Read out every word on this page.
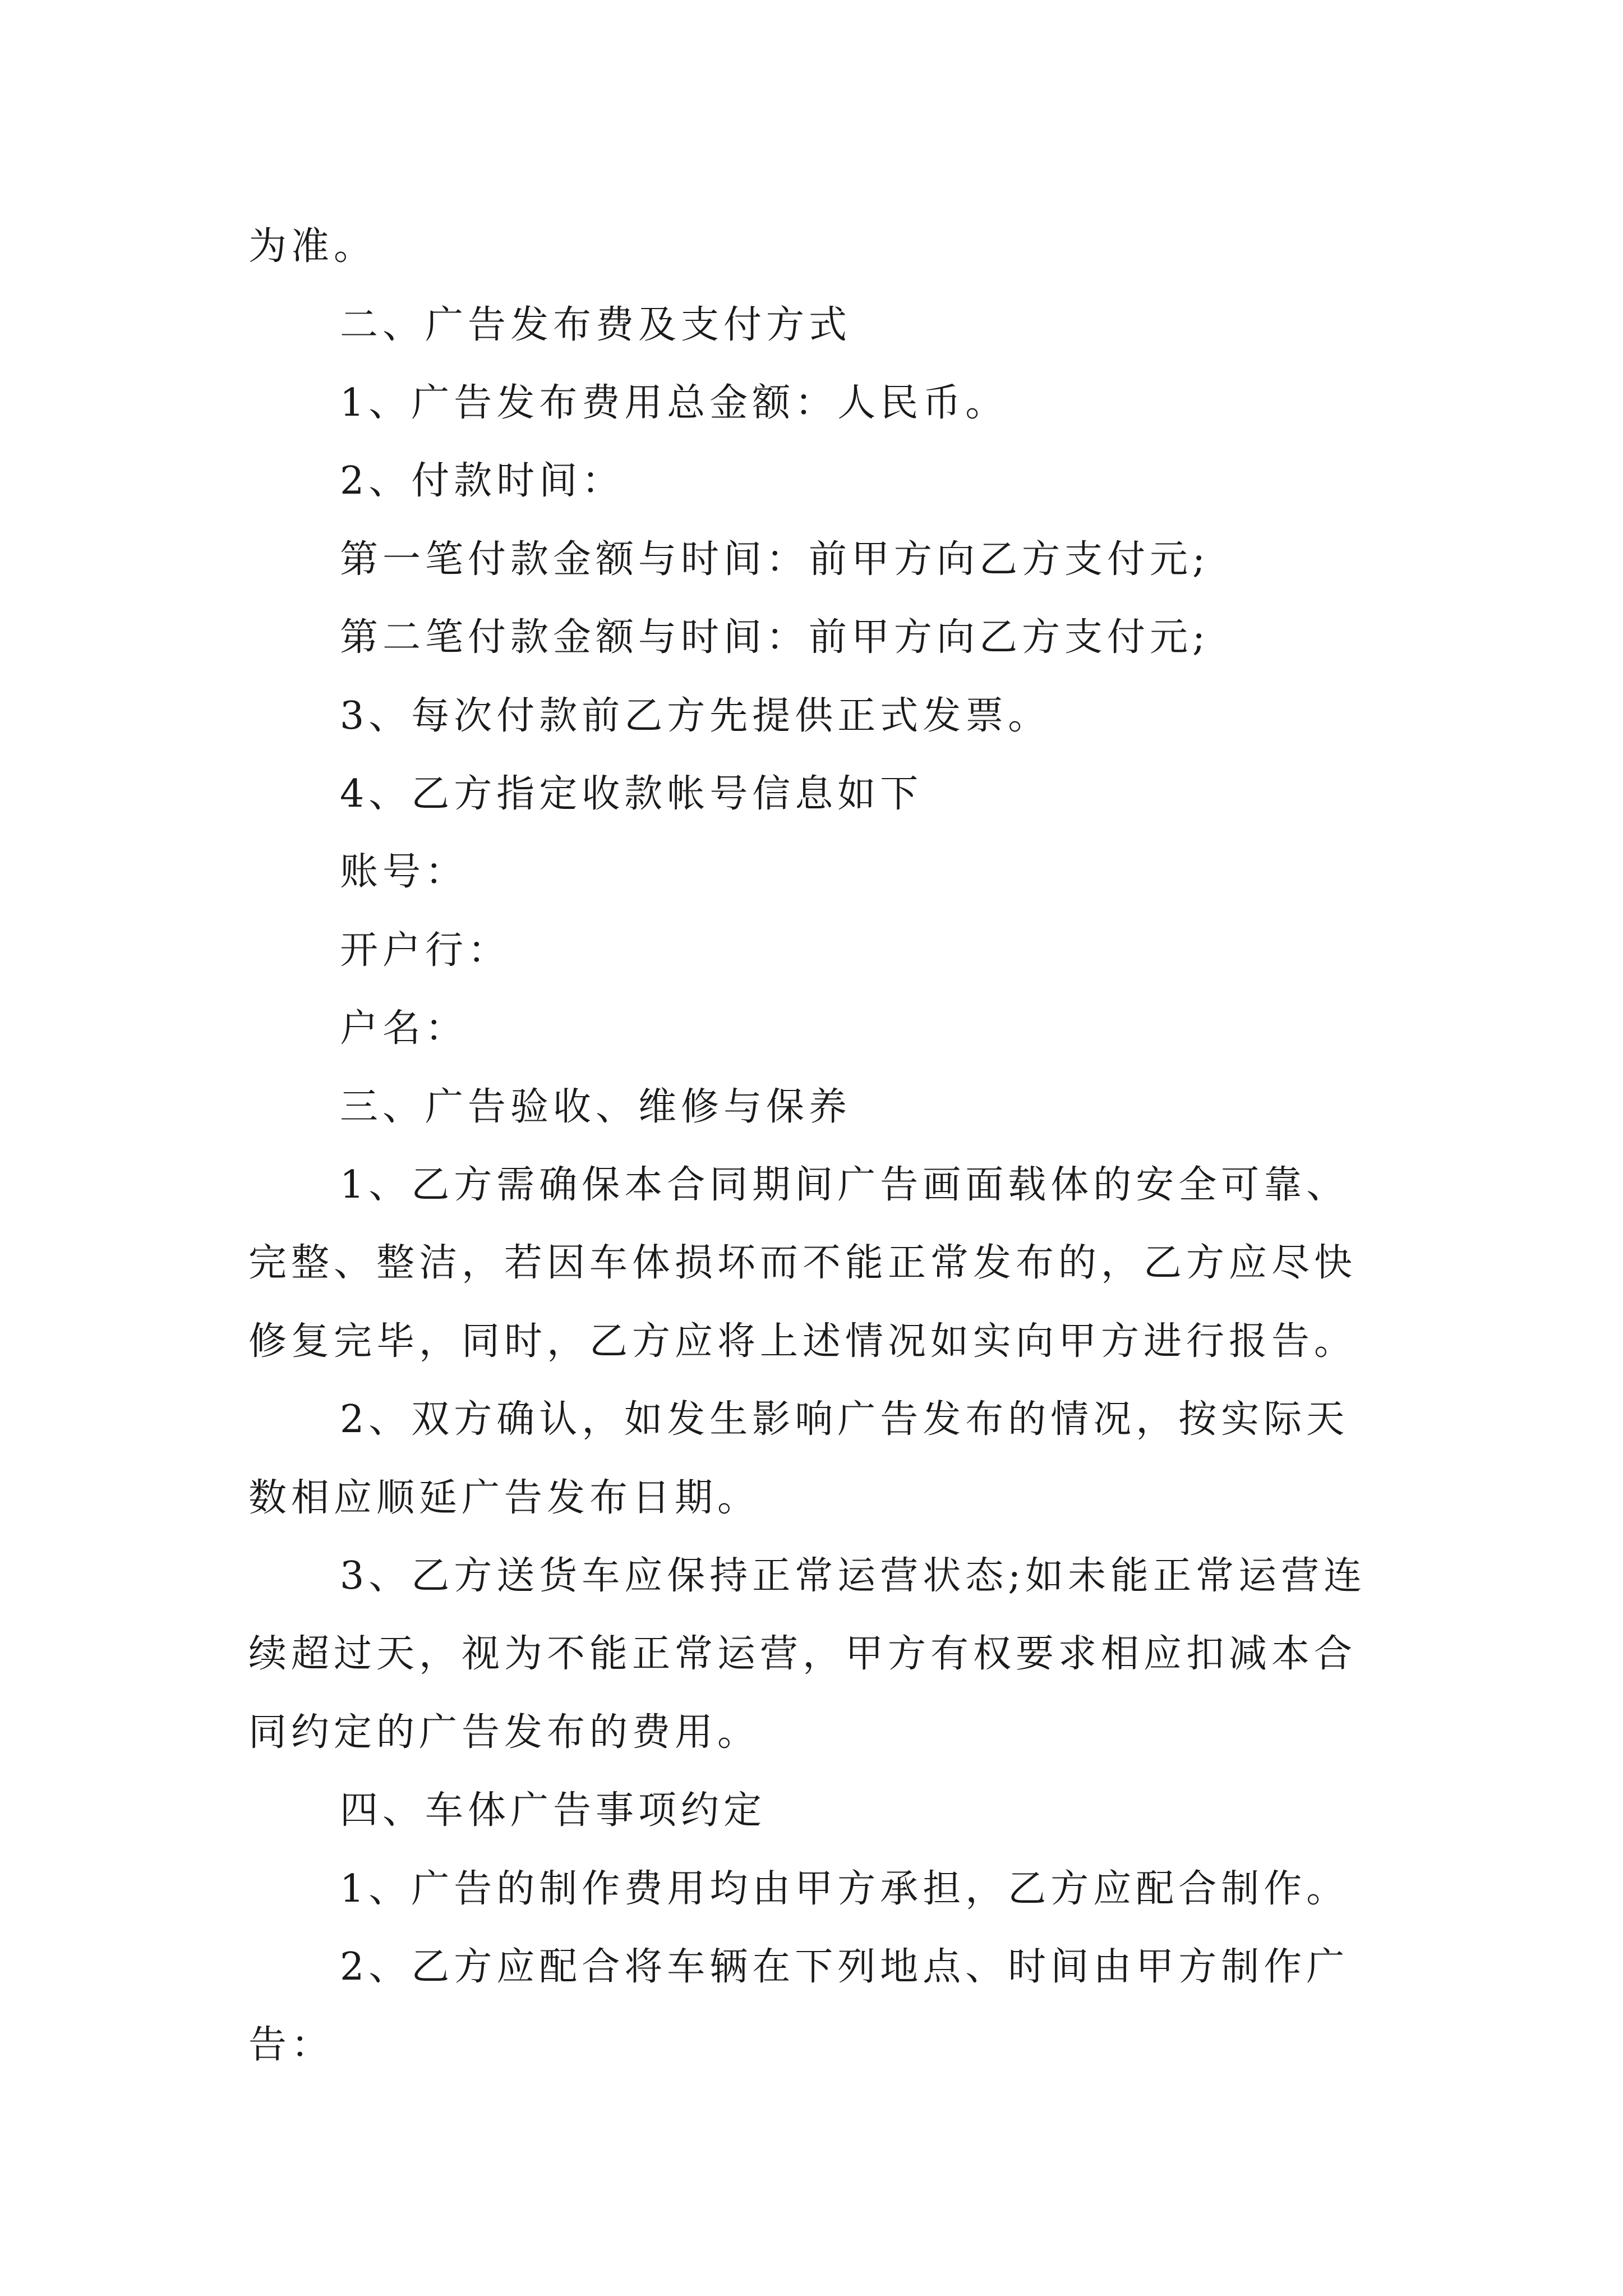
为准。
二、广告发布费及支付方式
1、广告发布费用总金额：人民币。
2、付款时间：
第一笔付款金额与时间：前甲方向乙方支付元;
第二笔付款金额与时间：前甲方向乙方支付元;
3、每次付款前乙方先提供正式发票。
4、乙方指定收款帐号信息如下
账号：
开户行：
户名：
三、广告验收、维修与保养
1、乙方需确保本合同期间广告画面载体的安全可靠、
完整、整洁，若因车体损坏而不能正常发布的，乙方应尽快
修复完毕，同时，乙方应将上述情况如实向甲方进行报告。
2、双方确认，如发生影响广告发布的情况，按实际天
数相应顺延广告发布日期。
3、乙方送货车应保持正常运营状态;如未能正常运营连
续超过天，视为不能正常运营，甲方有权要求相应扣减本合
同约定的广告发布的费用。
四、车体广告事项约定
1、广告的制作费用均由甲方承担，乙方应配合制作。
2、乙方应配合将车辆在下列地点、时间由甲方制作广
告：
